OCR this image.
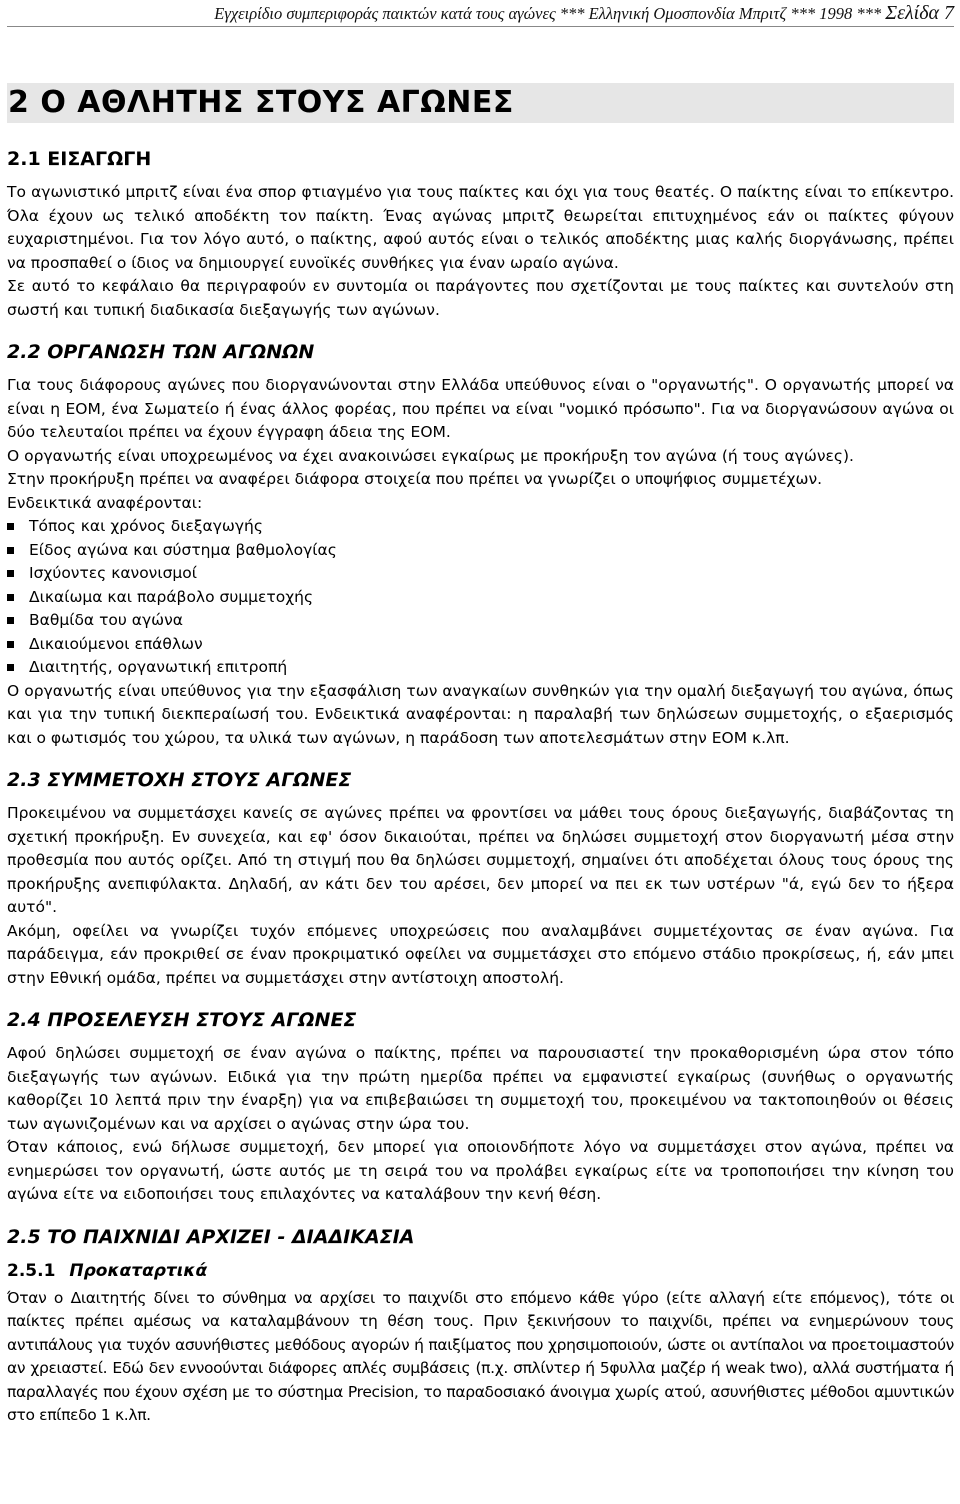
Εγχειρίδιο συμπεριφοράς παικτών κατά τους αγώνες *** Ελληνική Ομοσπονδία Μπριτζ *** 1998 *** Σελίδα 7
2 Ο ΑΘΛΗΤΗΣ ΣΤΟΥΣ ΑΓΩΝΕΣ
2.1 ΕΙΣΑΓΩΓΗ

Το αγωνιστικό μπριτζ είναι ένα σπορ φτιαγμένο για τους παίκτες και όχι για τους θεατές. Ο παίκτης είναι το επίκεντρο. Όλα έχουν ως τελικό αποδέκτη τον παίκτη. Ένας αγώνας μπριτζ θεωρείται επιτυχημένος εάν οι παίκτες φύγουν ευχαριστημένοι. Για τον λόγο αυτό, ο παίκτης, αφού αυτός είναι ο τελικός αποδέκτης μιας καλής διοργάνωσης, πρέπει να προσπαθεί ο ίδιος να δημιουργεί ευνοϊκές συνθήκες για έναν ωραίο αγώνα.

Σε αυτό το κεφάλαιο θα περιγραφούν εν συντομία οι παράγοντες που σχετίζονται με τους παίκτες και συντελούν στη σωστή και τυπική διαδικασία διεξαγωγής των αγώνων.

2.2 ΟΡΓΑΝΩΣΗ ΤΩΝ ΑΓΩΝΩΝ

Για τους διάφορους αγώνες που διοργανώνονται στην Ελλάδα υπεύθυνος είναι ο "οργανωτής". Ο οργανωτής μπορεί να είναι η ΕΟΜ, ένα Σωματείο ή ένας άλλος φορέας, που πρέπει να είναι "νομικό πρόσωπο". Για να διοργανώσουν αγώνα οι δύο τελευταίοι πρέπει να έχουν έγγραφη άδεια της ΕΟΜ.

Ο οργανωτής είναι υποχρεωμένος να έχει ανακοινώσει εγκαίρως με προκήρυξη τον αγώνα (ή τους αγώνες).

Στην προκήρυξη πρέπει να αναφέρει διάφορα στοιχεία που πρέπει να γνωρίζει ο υποψήφιος συμμετέχων.

Ενδεικτικά αναφέρονται:

Τόπος και χρόνος διεξαγωγής
Είδος αγώνα και σύστημα βαθμολογίας
Ισχύοντες κανονισμοί
Δικαίωμα και παράβολο συμμετοχής
Βαθμίδα του αγώνα
Δικαιούμενοι επάθλων
Διαιτητής, οργανωτική επιτροπή

Ο οργανωτής είναι υπεύθυνος για την εξασφάλιση των αναγκαίων συνθηκών για την ομαλή διεξαγωγή του αγώνα, όπως και για την τυπική διεκπεραίωσή του. Ενδεικτικά αναφέρονται: η παραλαβή των δηλώσεων συμμετοχής, ο εξαερισμός και ο φωτισμός του χώρου, τα υλικά των αγώνων, η παράδοση των αποτελεσμάτων στην ΕΟΜ κ.λπ.

2.3 ΣΥΜΜΕΤΟΧΗ ΣΤΟΥΣ ΑΓΩΝΕΣ

Προκειμένου να συμμετάσχει κανείς σε αγώνες πρέπει να φροντίσει να μάθει τους όρους διεξαγωγής, διαβάζοντας τη σχετική προκήρυξη. Εν συνεχεία, και εφ' όσον δικαιούται, πρέπει να δηλώσει συμμετοχή στον διοργανωτή μέσα στην προθεσμία που αυτός ορίζει. Από τη στιγμή που θα δηλώσει συμμετοχή, σημαίνει ότι αποδέχεται όλους τους όρους της προκήρυξης ανεπιφύλακτα. Δηλαδή, αν κάτι δεν του αρέσει, δεν μπορεί να πει εκ των υστέρων "ά, εγώ δεν το ήξερα αυτό".

Ακόμη, οφείλει να γνωρίζει τυχόν επόμενες υποχρεώσεις που αναλαμβάνει συμμετέχοντας σε έναν αγώνα. Για παράδειγμα, εάν προκριθεί σε έναν προκριματικό οφείλει να συμμετάσχει στο επόμενο στάδιο προκρίσεως, ή, εάν μπει στην Εθνική ομάδα, πρέπει να συμμετάσχει στην αντίστοιχη αποστολή.

2.4 ΠΡΟΣΕΛΕΥΣΗ ΣΤΟΥΣ ΑΓΩΝΕΣ

Αφού δηλώσει συμμετοχή σε έναν αγώνα ο παίκτης, πρέπει να παρουσιαστεί την προκαθορισμένη ώρα στον τόπο διεξαγωγής των αγώνων. Ειδικά για την πρώτη ημερίδα πρέπει να εμφανιστεί εγκαίρως (συνήθως ο οργανωτής καθορίζει 10 λεπτά πριν την έναρξη) για να επιβεβαιώσει τη συμμετοχή του, προκειμένου να τακτοποιηθούν οι θέσεις των αγωνιζομένων και να αρχίσει ο αγώνας στην ώρα του.

Όταν κάποιος, ενώ δήλωσε συμμετοχή, δεν μπορεί για οποιονδήποτε λόγο να συμμετάσχει στον αγώνα, πρέπει να ενημερώσει τον οργανωτή, ώστε αυτός με τη σειρά του να προλάβει εγκαίρως είτε να τροποποιήσει την κίνηση του αγώνα είτε να ειδοποιήσει τους επιλαχόντες να καταλάβουν την κενή θέση.

2.5 ΤΟ ΠΑΙΧΝΙΔΙ ΑΡΧΙΖΕΙ - ΔΙΑΔΙΚΑΣΙΑ
2.5.1 Προκαταρτικά

Όταν ο Διαιτητής δίνει το σύνθημα να αρχίσει το παιχνίδι στο επόμενο κάθε γύρο (είτε αλλαγή είτε επόμενος), τότε οι παίκτες πρέπει αμέσως να καταλαμβάνουν τη θέση τους. Πριν ξεκινήσουν το παιχνίδι, πρέπει να ενημερώνουν τους αντιπάλους για τυχόν ασυνήθιστες μεθόδους αγορών ή παιξίματος που χρησιμοποιούν, ώστε οι αντίπαλοι να προετοιμαστούν αν χρειαστεί. Εδώ δεν εννοούνται διάφορες απλές συμβάσεις (π.χ. σπλίντερ ή 5φυλλα μαζέρ ή weak two), αλλά συστήματα ή παραλλαγές που έχουν σχέση με το σύστημα Precision, το παραδοσιακό άνοιγμα χωρίς ατού, ασυνήθιστες μέθοδοι αμυντικών στο επίπεδο 1 κ.λπ.
